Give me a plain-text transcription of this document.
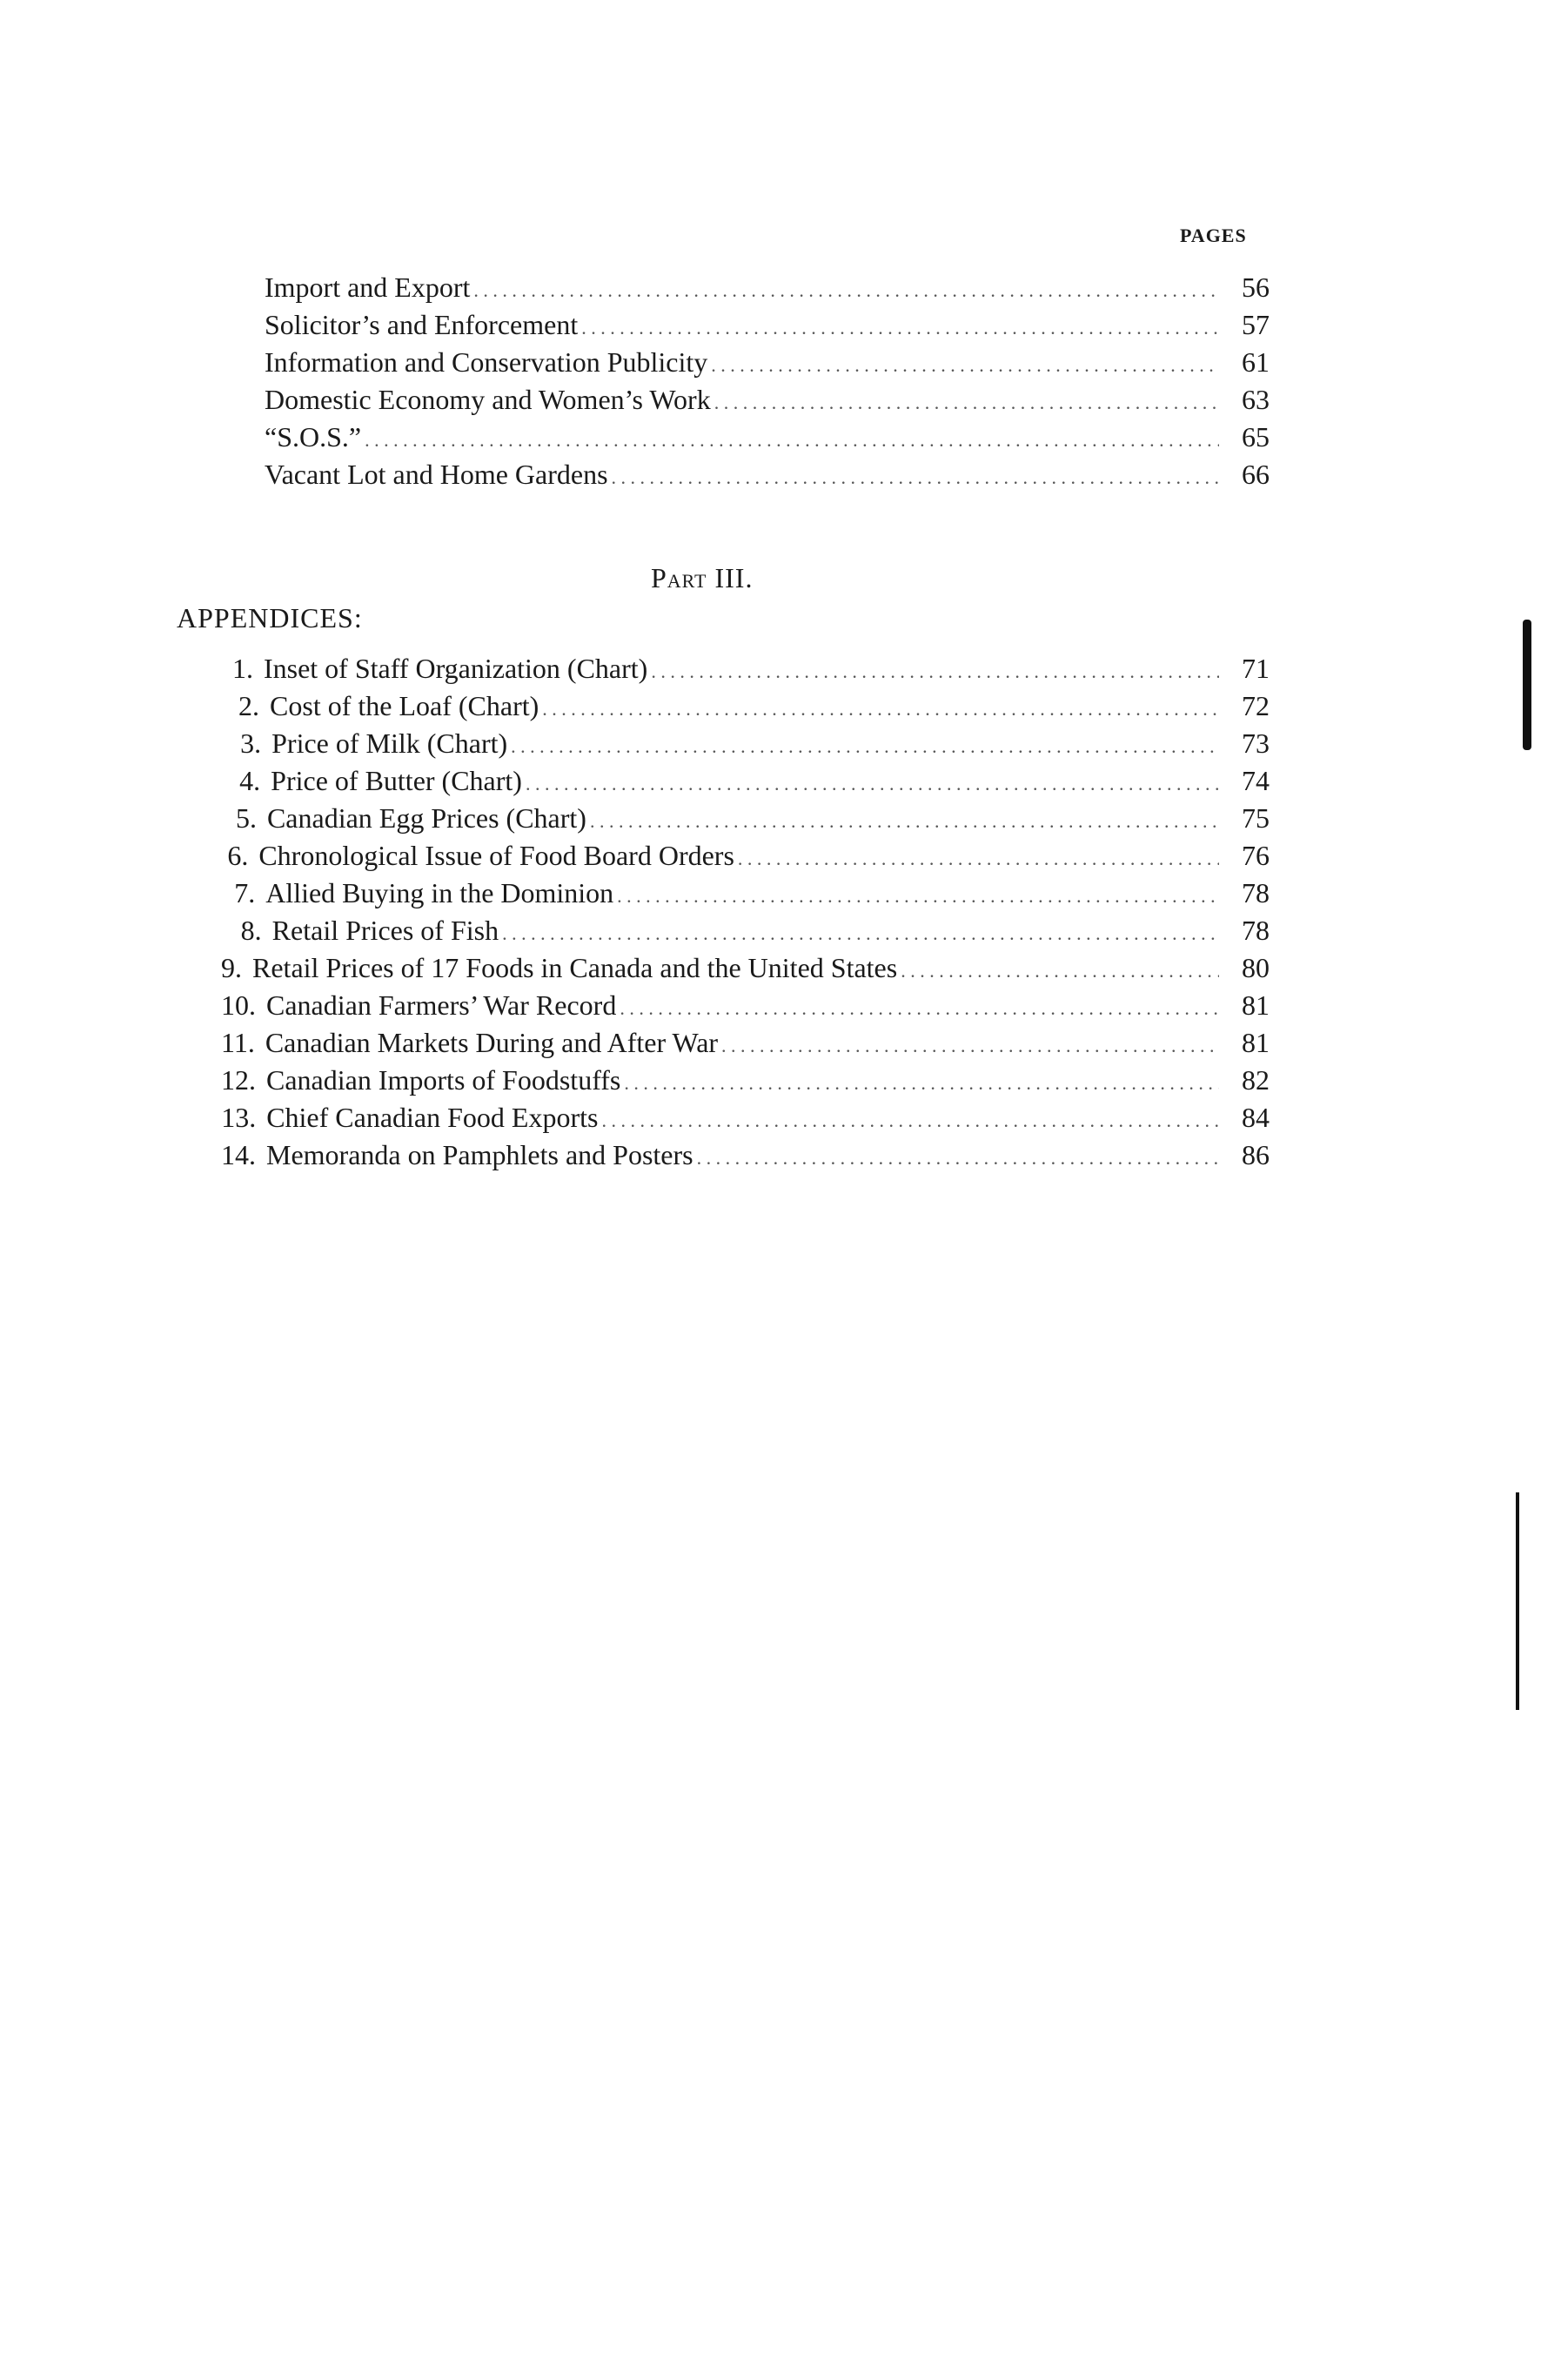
PAGES
Import and Export . . .	56
Solicitor’s and Enforcement . . .	57
Information and Conservation Publicity . . .	61
Domestic Economy and Women’s Work . . .	63
“S.O.S.” . . .	65
Vacant Lot and Home Gardens . . .	66
Part III.
APPENDICES:
1. Inset of Staff Organization (Chart) . . .	71
2. Cost of the Loaf (Chart) . . .	72
3. Price of Milk (Chart) . . .	73
4. Price of Butter (Chart) . . .	74
5. Canadian Egg Prices (Chart) . . .	75
6. Chronological Issue of Food Board Orders . . .	76
7. Allied Buying in the Dominion . . .	78
8. Retail Prices of Fish . . .	78
9. Retail Prices of 17 Foods in Canada and the United States . . .	80
10. Canadian Farmers’ War Record . . .	81
11. Canadian Markets During and After War . . .	81
12. Canadian Imports of Foodstuffs . . .	82
13. Chief Canadian Food Exports . . .	84
14. Memoranda on Pamphlets and Posters . . .	86
